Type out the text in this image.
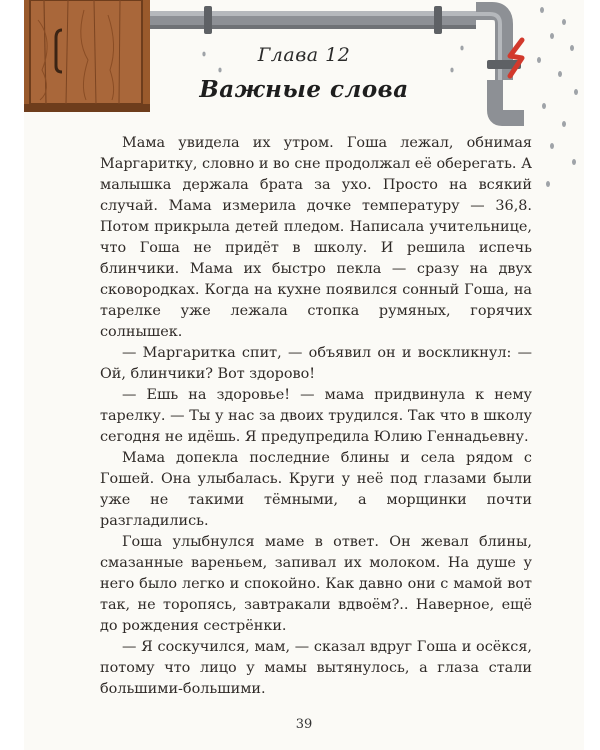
Глава 12
Важные слова

Мама увидела их утром. Гоша лежал, обнимая Маргаритку, словно и во сне продолжал её оберегать. А малышка держала брата за ухо. Просто на всякий случай. Мама измерила дочке температуру — 36,8. Потом прикрыла детей пледом. Написала учительнице, что Гоша не придёт в школу. И решила испечь блинчики. Мама их быстро пекла — сразу на двух сковородках. Когда на кухне появился сонный Гоша, на тарелке уже лежала стопка румяных, горячих солнышек.

— Маргаритка спит, — объявил он и воскликнул: — Ой, блинчики? Вот здорово!

— Ешь на здоровье! — мама придвинула к нему тарелку. — Ты у нас за двоих трудился. Так что в школу сегодня не идёшь. Я предупредила Юлию Геннадьевну.

Мама допекла последние блины и села рядом с Гошей. Она улыбалась. Круги у неё под глазами были уже не такими тёмными, а морщинки почти разгладились.

Гоша улыбнулся маме в ответ. Он жевал блины, смазанные вареньем, запивал их молоком. На душе у него было легко и спокойно. Как давно они с мамой вот так, не торопясь, завтракали вдвоём?.. Наверное, ещё до рождения сестрёнки.

— Я соскучился, мам, — сказал вдруг Гоша и осёкся, потому что лицо у мамы вытянулось, а глаза стали большими-большими.

39
